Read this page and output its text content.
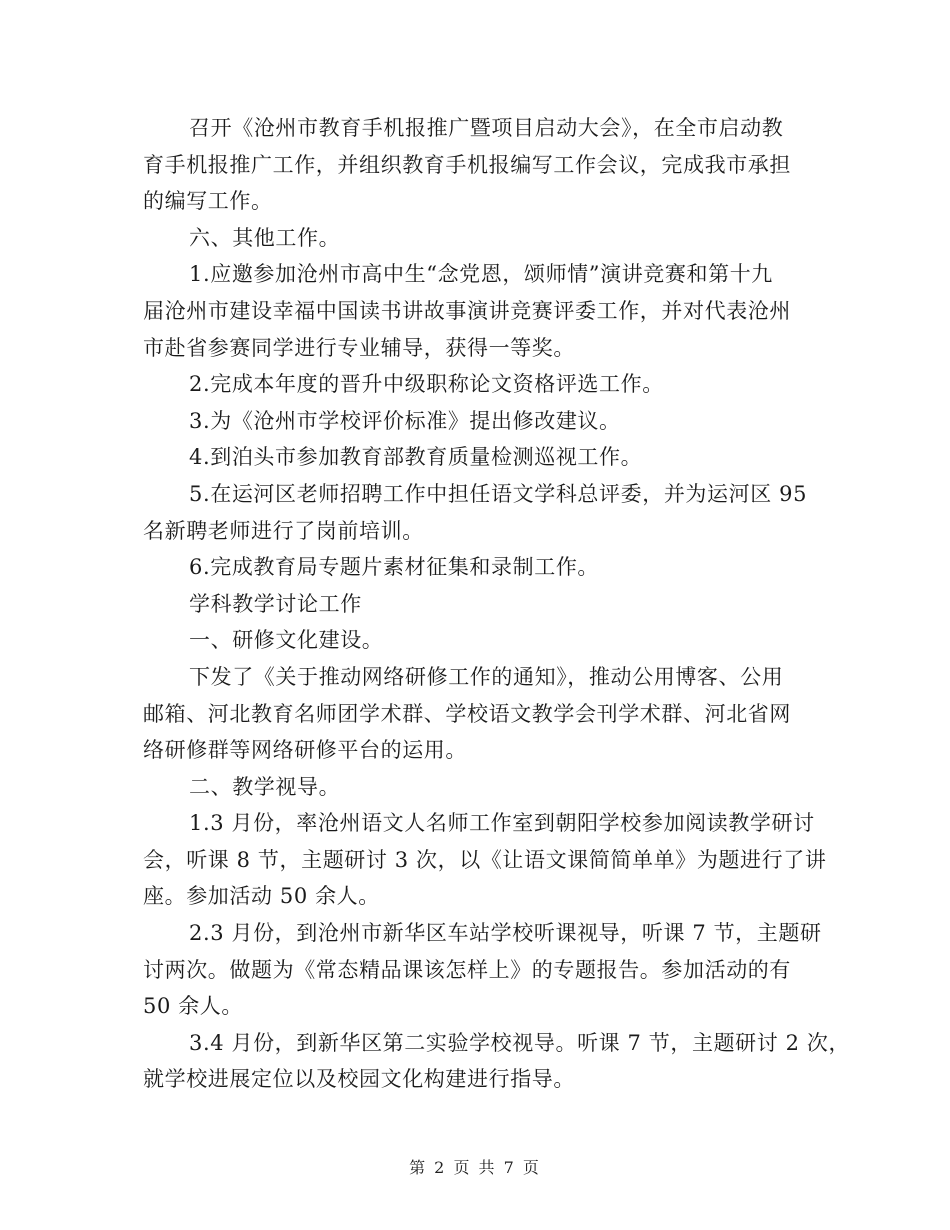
召开《沧州市教育手机报推广暨项目启动大会》，在全市启动教
育手机报推广工作，并组织教育手机报编写工作会议，完成我市承担
的编写工作。
六、其他工作。
1.应邀参加沧州市高中生“念党恩，颂师情”演讲竞赛和第十九
届沧州市建设幸福中国读书讲故事演讲竞赛评委工作，并对代表沧州
市赴省参赛同学进行专业辅导，获得一等奖。
2.完成本年度的晋升中级职称论文资格评选工作。
3.为《沧州市学校评价标准》提出修改建议。
4.到泊头市参加教育部教育质量检测巡视工作。
5.在运河区老师招聘工作中担任语文学科总评委，并为运河区 95
名新聘老师进行了岗前培训。
6.完成教育局专题片素材征集和录制工作。
学科教学讨论工作
一、研修文化建设。
下发了《关于推动网络研修工作的通知》，推动公用博客、公用
邮箱、河北教育名师团学术群、学校语文教学会刊学术群、河北省网
络研修群等网络研修平台的运用。
二、教学视导。
1.3 月份，率沧州语文人名师工作室到朝阳学校参加阅读教学研讨
会，听课 8 节，主题研讨 3 次，以《让语文课简简单单》为题进行了讲
座。参加活动 50 余人。
2.3 月份，到沧州市新华区车站学校听课视导，听课 7 节，主题研
讨两次。做题为《常态精品课该怎样上》的专题报告。参加活动的有
50 余人。
3.4 月份，到新华区第二实验学校视导。听课 7 节，主题研讨 2 次，
就学校进展定位以及校园文化构建进行指导。
第 2 页 共 7 页
